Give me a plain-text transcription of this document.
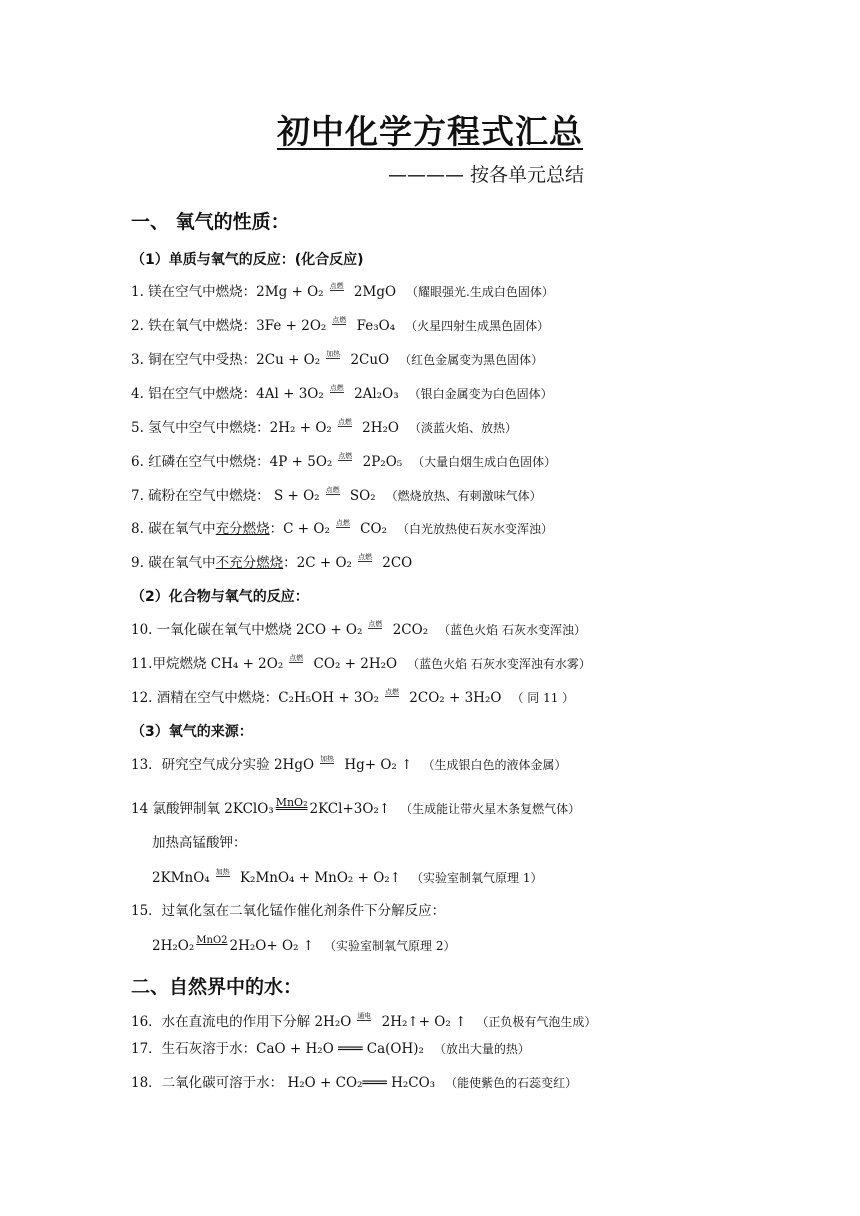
初中化学方程式汇总
———— 按各单元总结
一、 氧气的性质：
（1）单质与氧气的反应：(化合反应)
1. 镁在空气中燃烧：2Mg + O₂ 点燃 2MgO （耀眼强光.生成白色固体）
2. 铁在氧气中燃烧：3Fe + 2O₂ 点燃 Fe₃O₄ （火星四射生成黑色固体）
3. 铜在空气中受热：2Cu + O₂ 加热 2CuO （红色金属变为黑色固体）
4. 铝在空气中燃烧：4Al + 3O₂ 点燃 2Al₂O₃ （银白金属变为白色固体）
5. 氢气中空气中燃烧：2H₂ + O₂ 点燃 2H₂O （淡蓝火焰、放热）
6. 红磷在空气中燃烧：4P + 5O₂ 点燃 2P₂O₅ （大量白烟生成白色固体）
7. 硫粉在空气中燃烧： S + O₂ 点燃 SO₂ （燃烧放热、有刺激味气体）
8. 碳在氧气中充分燃烧：C + O₂ 点燃 CO₂ （白光放热使石灰水变浑浊）
9. 碳在氧气中不充分燃烧：2C + O₂ 点燃 2CO
（2）化合物与氧气的反应：
10. 一氧化碳在氧气中燃烧 2CO + O₂ 点燃 2CO₂ （蓝色火焰 石灰水变浑浊）
11.甲烷燃烧 CH₄ + 2O₂ 点燃 CO₂ + 2H₂O （蓝色火焰 石灰水变浑浊有水雾）
12. 酒精在空气中燃烧：C₂H₅OH + 3O₂ 点燃 2CO₂ + 3H₂O （ 同 11 ）
（3）氧气的来源：
13．研究空气成分实验 2HgO 加热 Hg+ O₂ ↑ （生成银白色的液体金属）
14 氯酸钾制氧 2KClO₃ MnO₂ 2KCl+3O₂↑ （生成能让带火星木条复燃气体）
加热高锰酸钾：
2KMnO₄ 加热 K₂MnO₄ + MnO₂ + O₂↑ （实验室制氧气原理 1）
15．过氧化氢在二氧化锰作催化剂条件下分解反应：
2H₂O₂ MnO2 2H₂O+ O₂ ↑ （实验室制氧气原理 2）
二、自然界中的水：
16．水在直流电的作用下分解 2H₂O 通电 2H₂↑+ O₂ ↑ （正负极有气泡生成）
17．生石灰溶于水：CaO + H₂O ═══ Ca(OH)₂ （放出大量的热）
18．二氧化碳可溶于水： H₂O + CO₂═══ H₂CO₃ （能使紫色的石蕊变红）
